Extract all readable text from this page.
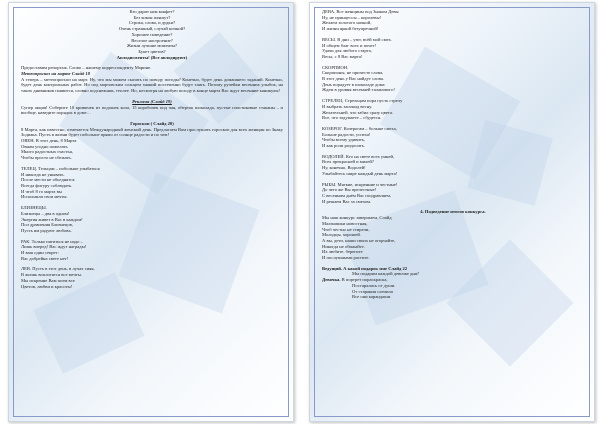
Кто дарит нам конфет?
Без кокон пляшут?
Строка, слова, и дудки?
Очень страшный, случай ночной?
Хорошее поведение?
Веселое настроение?
Жизни лучшие моменты?
Букет цветов?
Аплодисменты! (Все аплодируют)
Предоставим репортаж. Слово – нашему корреспонденту Марине.
Метеопрогноз на марте Слайд 18
А теперь – метеопрогноз на март. Ну, что мы можем сказать по поводу погоды? Конечно, будет день домашнего заданий. Конечно, будет день контрольных работ. Но под мартовским солнцем знаний постепенно будут таять. Потому ручейки весенних улыбок, на таких днивников появится, словно подснежник, теплее. Но, несмотря на любую погоду в конце марта Вас ждут весенние каникулы!
Реклама (Слайд 19)
Супер акция! Соберите 10 кривичек из подошек кола, 15 коробочек под чая, оберток шоколада, пустые пластиковые стаканы – и вообще, наведите порядок в доме…
Гороскоп ( Слайд 20)
8 Марта, как известно, отмечается Международный женский день. Предлагаем Вам прослушать гороскоп для всех женщин по Знаку Зодиака. Пусть в жизни будет побольше прямо от солнце радости и по чем!
ОВЕН. В этот день, 8 Марта
Овнам угодно пожелать
Много радостных счастья,
Чтобы просто не сбежать.
ТЕЛЕЦ. Тельцам – побольше улыбаться
И никогда не унывать.
После мести не обьеднятся
Всегда фигуру соблюдать.
И чтоб 8 го марта вы
Исполнили свои мечты.
БЛИЗНЕЦЫ.
Близнецы – два в одном!
Энергия живет в Вас в каждом!
Пол дравления Близнецов,
Пусть им радуют любовь.
РАК. Только пятиться не надо –
Лишь вперед! Вас ждут награды!
И ваш один секрет:
Вас добрейна свете нет!
ЛЕВ. Пусть в этот день, в лучах сияя,
В жизнь воплотятся все мечты.
Мы искренне Вам поем все
Цветов, любви и красоты!
ДЕВА. Все женщины под Знаком Девы
Ну, не принцессы – королевы!
Желаем золотого начной,
И жизни яркой безупречной!
ВЕСЫ. В дни – уют, всёй мой смех.
И общем благ всех и почет!
Удачи для любого старта,
Весы, с 8 Вас марта!
СКОРПИОН.
Скорпионы, не причесте слова,
В этот день у Вас найдут слова.
День порадует в шоколаде дома
Ждем в уровня весенней таланового!
СТРЕЛЕЦ. Стрельцам пора пусть стрелу
И выбрать заоонид весну.
Желательней, что забил сразу цвета.
Все, что задумаете – сбудется.
КОЗЕРОГ. Козерогам – больше смеха,
Больше радости, успеха!
Чтобы всему удивить,
И как роли раздосить.
ВОДОЛЕЙ. Кто на свете всех умней,
Всех прекрасней и милей?
Ну, конечно, Водолей!
Улыбайтесь шире каждый день марта!
РЫБЫ. Мягкие, искренние и честные!
До чего же Вы прелестные!
С весенним днём Вас поздравляем,
И решаем Вас за смехом.
4. Подведение итогов конкурса.
Мы наш конкурс завершаем, Слайд
Мальчишки новостная,
Чтоб честно не стирели,
Молодцы, хорошей.
А вы, дети, наши своих не огорчайте,
Никогда не обижайте.
Их любите, берегите
И послушными растите.
Ведущий. А какой подарок мне Слайд 22
Мы подарим каждой девочке дня?
Девочка. В портрет пораскраска,
Постарались от души.
От старания слепила
Все они карандаши.
